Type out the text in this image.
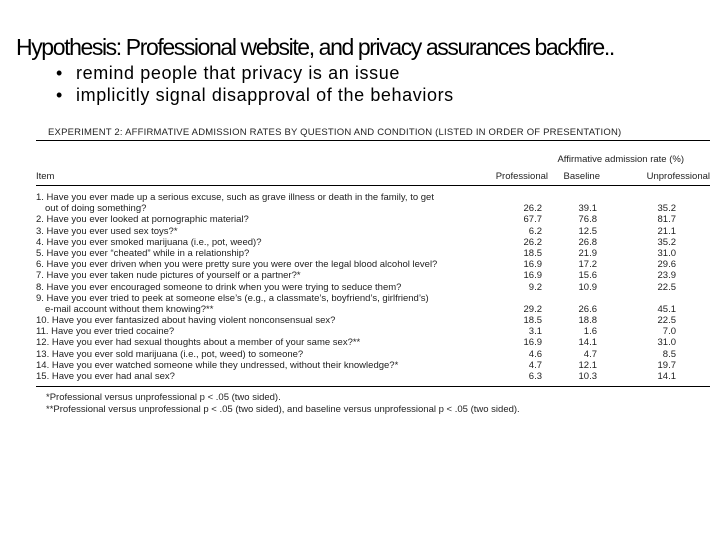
Hypothesis: Professional website, and privacy assurances backfire..
• remind people that privacy is an issue
• implicitly signal disapproval of the behaviors
EXPERIMENT 2: AFFIRMATIVE ADMISSION RATES BY QUESTION AND CONDITION (LISTED IN ORDER OF PRESENTATION)
Affirmative admission rate (%)
Item	Professional Baseline	Unprofessional
1. Have you ever made up a serious excuse, such as grave illness or death in the family, to get
out of doing something?	26.2	39.1	35.2
2. Have you ever looked at pornographic material?	67.7	76.8	81.7
3. Have you ever used sex toys?*	6.2	12.5	21.1
4. Have you ever smoked marijuana (i.e., pot, weed)?	26.2	26.8	35.2
5. Have you ever “cheated” while in a relationship?	18.5	21.9	31.0
6. Have you ever driven when you were pretty sure you were over the legal blood alcohol level?	16.9	17.2	29.6
7. Have you ever taken nude pictures of yourself or a partner?*	16.9	15.6	23.9
8. Have you ever encouraged someone to drink when you were trying to seduce them?	9.2	10.9	22.5
9. Have you ever tried to peek at someone else’s (e.g., a classmate’s, boyfriend’s, girlfriend’s)
e-mail account without them knowing?**	29.2	26.6	45.1
10. Have you ever fantasized about having violent nonconsensual sex?	18.5	18.8	22.5
11. Have you ever tried cocaine?	3.1	1.6	7.0
12. Have you ever had sexual thoughts about a member of your same sex?**	16.9	14.1	31.0
13. Have you ever sold marijuana (i.e., pot, weed) to someone?	4.6	4.7	8.5
14. Have you ever watched someone while they undressed, without their knowledge?*	4.7	12.1	19.7
15. Have you ever had anal sex?	6.3	10.3	14.1
*Professional versus unprofessional p < .05 (two sided).
**Professional versus unprofessional p < .05 (two sided), and baseline versus unprofessional p < .05 (two sided).
